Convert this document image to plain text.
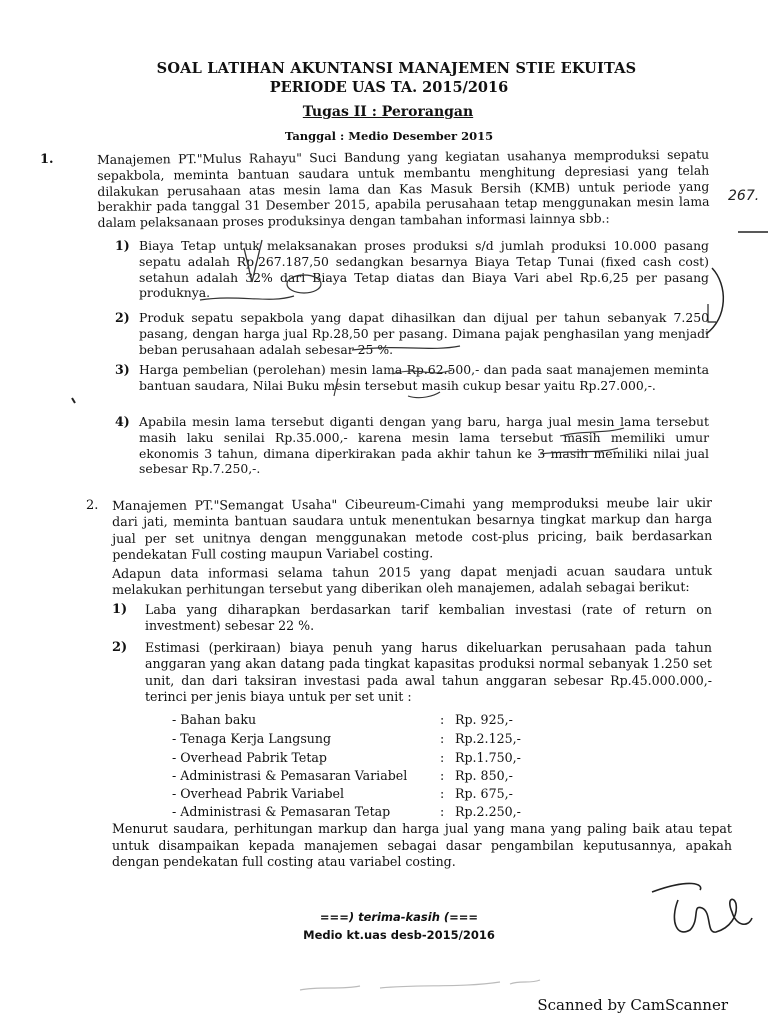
SOAL LATIHAN AKUNTANSI MANAJEMEN STIE EKUITAS
PERIODE UAS TA. 2015/2016
Tugas II : Perorangan
Tanggal : Medio Desember 2015
1.	Manajemen PT."Mulus Rahayu" Suci Bandung yang kegiatan usahanya memproduksi sepatu sepakbola, meminta bantuan saudara untuk membantu menghitung depresiasi yang telah dilakukan perusahaan atas mesin lama dan Kas Masuk Bersih (KMB) untuk periode yang berakhir pada tanggal 31 Desember 2015, apabila perusahaan tetap menggunakan mesin lama dalam pelaksanaan proses produksinya dengan tambahan informasi lainnya sbb.:
1) Biaya Tetap untuk melaksanakan proses produksi s/d jumlah produksi 10.000 pasang sepatu adalah Rp.267.187,50 sedangkan besarnya Biaya Tetap Tunai (fixed cash cost) setahun adalah 32% dari Biaya Tetap diatas dan Biaya Vari abel Rp.6,25 per pasang produknya.
2) Produk sepatu sepakbola yang dapat dihasilkan dan dijual per tahun sebanyak 7.250 pasang, dengan harga jual Rp.28,50 per pasang. Dimana pajak penghasilan yang menjadi beban perusahaan adalah sebesar 25 %.
3) Harga pembelian (perolehan) mesin lama Rp.62.500,- dan pada saat manajemen meminta bantuan saudara, Nilai Buku mesin tersebut masih cukup besar yaitu Rp.27.000,-.
4) Apabila mesin lama tersebut diganti dengan yang baru, harga jual mesin lama tersebut masih laku senilai Rp.35.000,- karena mesin lama tersebut masih memiliki umur ekonomis 3 tahun, dimana diperkirakan pada akhir tahun ke 3 masih memiliki nilai jual sebesar Rp.7.250,-.
2. Manajemen PT."Semangat Usaha" Cibeureum-Cimahi yang memproduksi meube lair ukir dari jati, meminta bantuan saudara untuk menentukan besarnya tingkat markup dan harga jual per set unitnya dengan menggunakan metode cost-plus pricing, baik berdasarkan pendekatan Full costing maupun Variabel costing.
Adapun data informasi selama tahun 2015 yang dapat menjadi acuan saudara untuk melakukan perhitungan tersebut yang diberikan oleh manajemen, adalah sebagai berikut:
1) Laba yang diharapkan berdasarkan tarif kembalian investasi (rate of return on investment) sebesar 22 %.
2) Estimasi (perkiraan) biaya penuh yang harus dikeluarkan perusahaan pada tahun anggaran yang akan datang pada tingkat kapasitas produksi normal sebanyak 1.250 set unit, dan dari taksiran investasi pada awal tahun anggaran sebesar Rp.45.000.000,- terinci per jenis biaya untuk per set unit :
- Bahan baku	: Rp. 925,-
- Tenaga Kerja Langsung	: Rp.2.125,-
- Overhead Pabrik Tetap	: Rp.1.750,-
- Administrasi & Pemasaran Variabel	: Rp. 850,-
- Overhead Pabrik Variabel	: Rp. 675,-
- Administrasi & Pemasaran Tetap	: Rp.2.250,-
Menurut saudara, perhitungan markup dan harga jual yang mana yang paling baik atau tepat untuk disampaikan kepada manajemen sebagai dasar pengambilan keputusannya, apakah dengan pendekatan full costing atau variabel costing.
===) terima-kasih (===
Medio kt.uas desb-2015/2016
267.
Scanned by CamScanner
